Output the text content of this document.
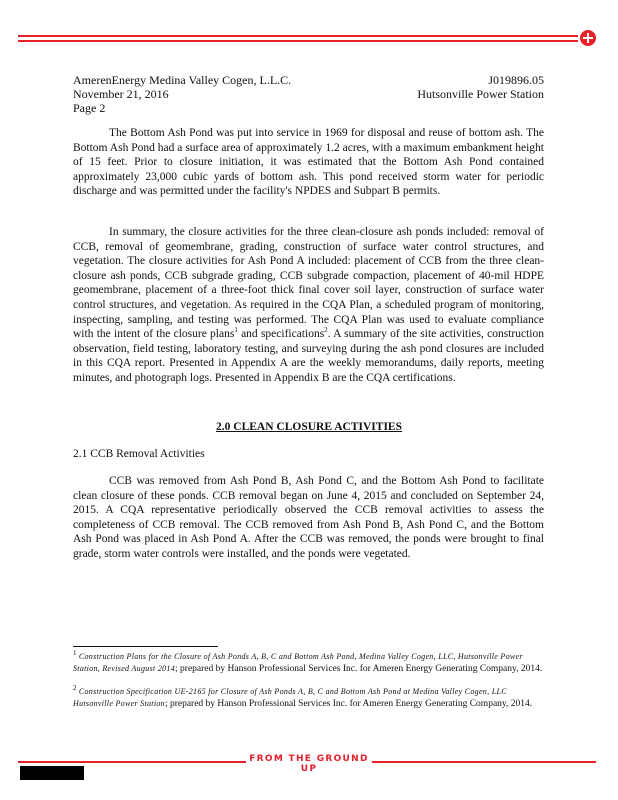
AmerenEnergy Medina Valley Cogen, L.L.C.
November 21, 2016
Page 2
J019896.05
Hutsonville Power Station

The Bottom Ash Pond was put into service in 1969 for disposal and reuse of bottom ash. The Bottom Ash Pond had a surface area of approximately 1.2 acres, with a maximum embankment height of 15 feet. Prior to closure initiation, it was estimated that the Bottom Ash Pond contained approximately 23,000 cubic yards of bottom ash. This pond received storm water for periodic discharge and was permitted under the facility's NPDES and Subpart B permits.

In summary, the closure activities for the three clean-closure ash ponds included: removal of CCB, removal of geomembrane, grading, construction of surface water control structures, and vegetation. The closure activities for Ash Pond A included: placement of CCB from the three clean-closure ash ponds, CCB subgrade grading, CCB subgrade compaction, placement of 40-mil HDPE geomembrane, placement of a three-foot thick final cover soil layer, construction of surface water control structures, and vegetation. As required in the CQA Plan, a scheduled program of monitoring, inspecting, sampling, and testing was performed. The CQA Plan was used to evaluate compliance with the intent of the closure plans$^1$ and specifications$^2$. A summary of the site activities, construction observation, field testing, laboratory testing, and surveying during the ash pond closures are included in this CQA report. Presented in Appendix A are the weekly memorandums, daily reports, meeting minutes, and photograph logs. Presented in Appendix B are the CQA certifications.

2.0 CLEAN CLOSURE ACTIVITIES
2.1 CCB Removal Activities

CCB was removed from Ash Pond B, Ash Pond C, and the Bottom Ash Pond to facilitate clean closure of these ponds. CCB removal began on June 4, 2015 and concluded on September 24, 2015. A CQA representative periodically observed the CCB removal activities to assess the completeness of CCB removal. The CCB removed from Ash Pond B, Ash Pond C, and the Bottom Ash Pond was placed in Ash Pond A. After the CCB was removed, the ponds were brought to final grade, storm water controls were installed, and the ponds were vegetated.

$^1$ Construction Plans for the Closure of Ash Ponds A, B, C and Bottom Ash Pond, Medina Valley Cogen, LLC, Hutsonville Power Station, Revised August 2014; prepared by Hanson Professional Services Inc. for Ameren Energy Generating Company, 2014.
$^2$ Construction Specification UE-2165 for Closure of Ash Ponds A, B, C and Bottom Ash Pond at Medina Valley Cogen, LLC Hutsonville Power Station; prepared by Hanson Professional Services Inc. for Ameren Energy Generating Company, 2014.
FROM THE GROUND UP
